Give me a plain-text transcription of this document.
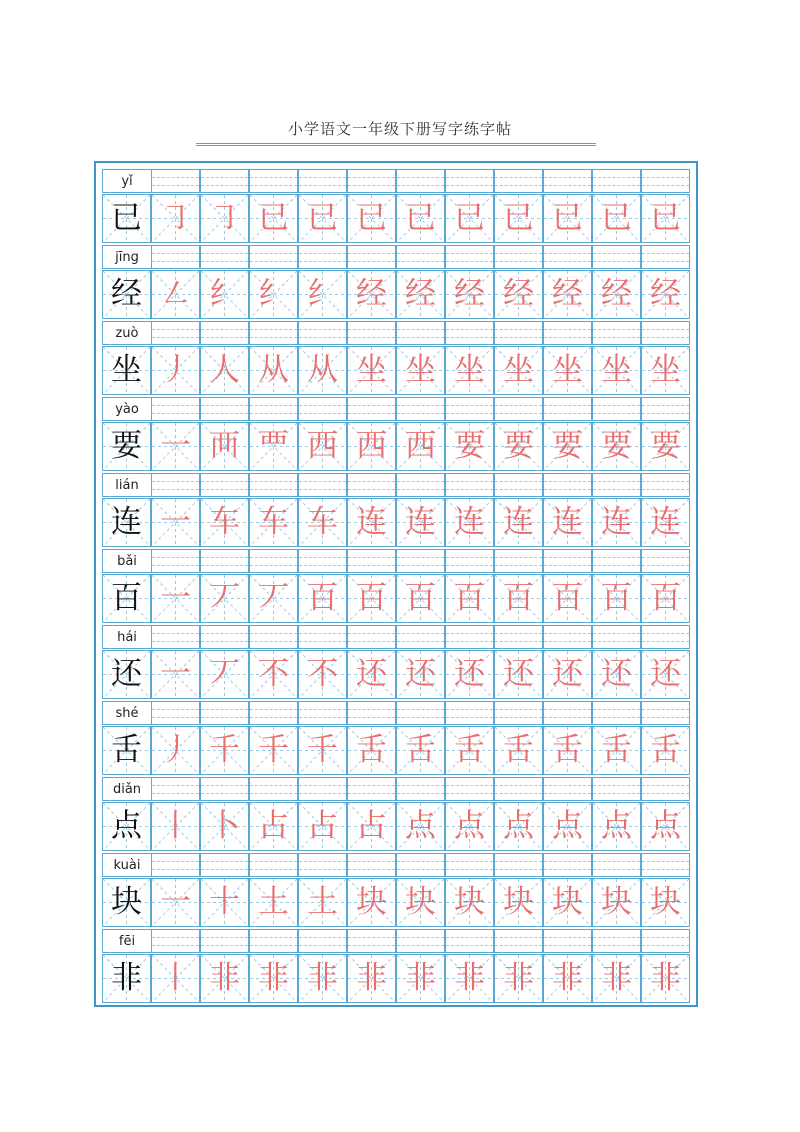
小学语文一年级下册写字练字帖
yǐ
已 ㇆ ㇆ 已 已 已 已 已 已 已 已 已
jīng
经 ㇜ 纟 纟 纟 经 经 经 经 经 经 经
zuò
坐 丿 人 从 从 坐 坐 坐 坐 坐 坐 坐
yào
要 一 襾 覀 西 西 西 要 要 要 要 要
lián
连 一 车 车 车 连 连 连 连 连 连 连
bǎi
百 一 丆 丆 百 百 百 百 百 百 百 百
hái
还 一 丆 不 不 还 还 还 还 还 还 还
shé
舌 丿 千 千 千 舌 舌 舌 舌 舌 舌 舌
diǎn
点 丨 卜 占 占 占 点 点 点 点 点 点
kuài
块 一 十 土 土 块 块 块 块 块 块 块
fēi
非 丨 非 非 非 非 非 非 非 非 非 非
